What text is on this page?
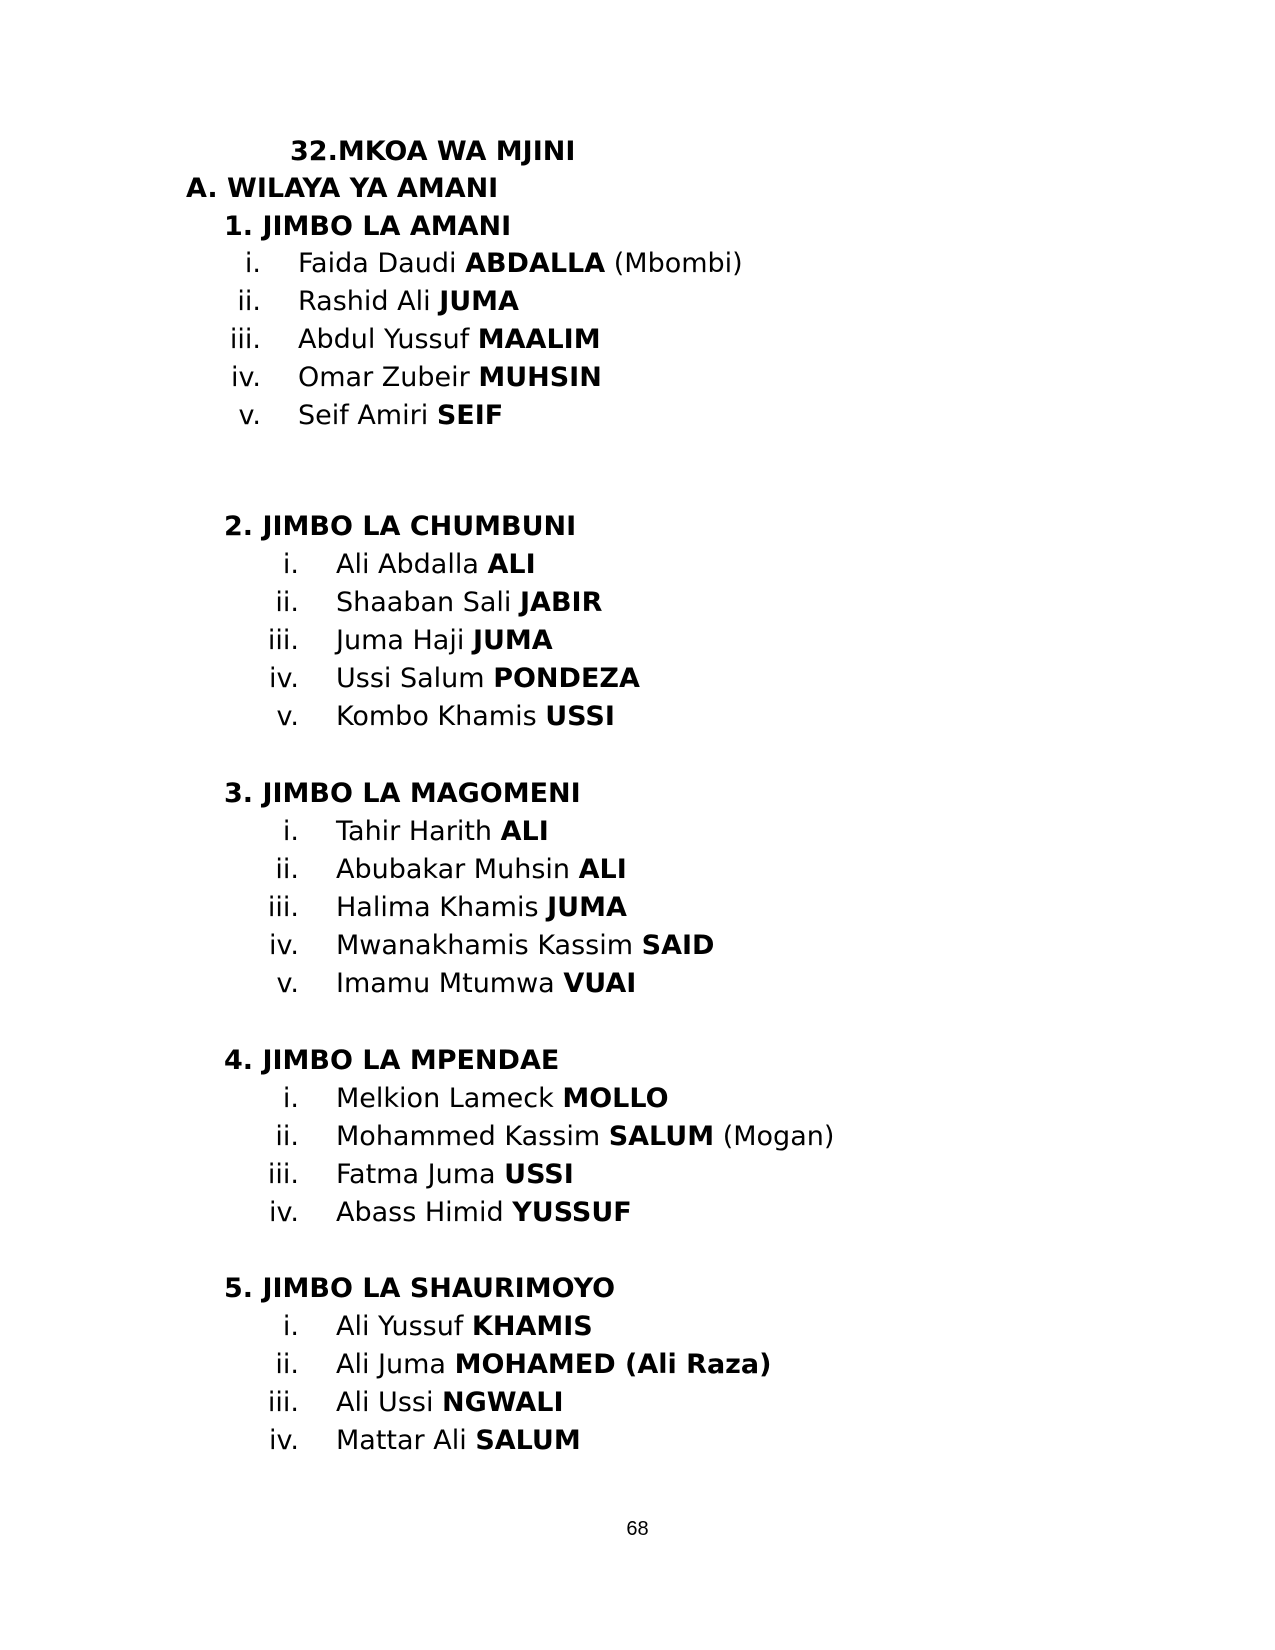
32.MKOA WA MJINI
A. WILAYA YA AMANI
1. JIMBO LA AMANI
i. Faida Daudi ABDALLA (Mbombi)
ii. Rashid Ali JUMA
iii. Abdul Yussuf MAALIM
iv. Omar Zubeir MUHSIN
v. Seif Amiri SEIF
2. JIMBO LA CHUMBUNI
i. Ali Abdalla ALI
ii. Shaaban Sali JABIR
iii. Juma Haji JUMA
iv. Ussi Salum PONDEZA
v. Kombo Khamis USSI
3. JIMBO LA MAGOMENI
i. Tahir Harith ALI
ii. Abubakar Muhsin ALI
iii. Halima Khamis JUMA
iv. Mwanakhamis Kassim SAID
v. Imamu Mtumwa VUAI
4. JIMBO LA MPENDAE
i. Melkion Lameck MOLLO
ii. Mohammed Kassim SALUM (Mogan)
iii. Fatma Juma USSI
iv. Abass Himid YUSSUF
5. JIMBO LA SHAURIMOYO
i. Ali Yussuf KHAMIS
ii. Ali Juma MOHAMED (Ali Raza)
iii. Ali Ussi NGWALI
iv. Mattar Ali SALUM
68
